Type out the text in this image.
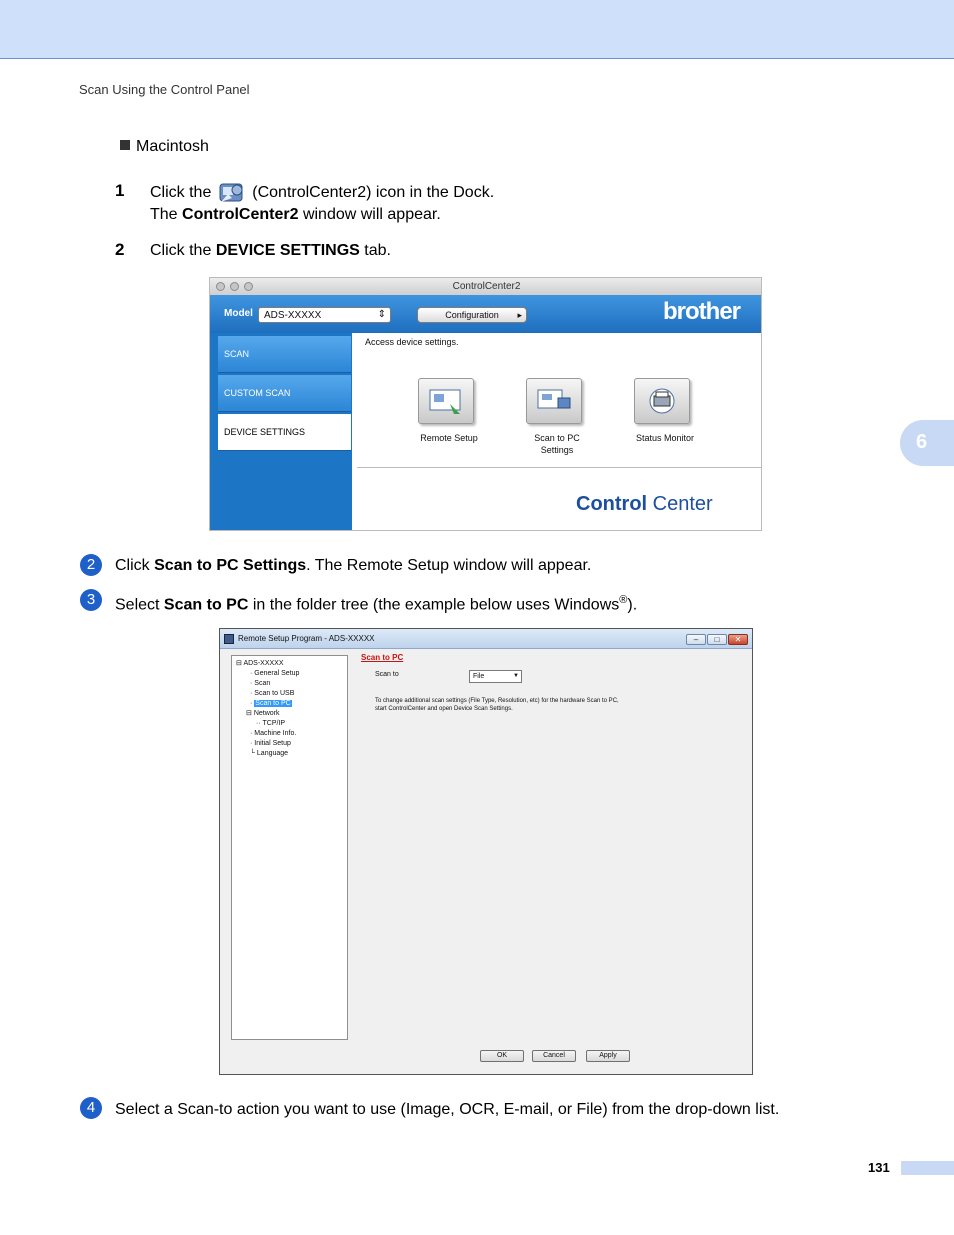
Scan Using the Control Panel
6
Macintosh
1 Click the	(ControlCenter2) icon in the Dock.
The ControlCenter2 window will appear.
2 Click the DEVICE SETTINGS tab.
ControlCenter2
Model	ADS-XXXXX	⇕	Configuration ▸	brother
SCAN
CUSTOM SCAN
DEVICE SETTINGS
Access device settings.
Remote Setup	Scan to PC
Settings
Status Monitor
Control Center
2	Click Scan to PC Settings. The Remote Setup window will appear.
3	Select Scan to PC in the folder tree (the example below uses Windows®).
Remote Setup Program - ADS-XXXXX	–	□	✕
⊟ ADS-XXXXX
· General Setup
· Scan
· Scan to USB
· Scan to PC
⊟ Network
·· TCP/IP
· Machine Info.
· Initial Setup
└ Language
Scan to PC
Scan to	File	▼
To change additional scan settings (File Type, Resolution, etc) for the hardware Scan to PC, start ControlCenter and open Device Scan Settings.
OK	Cancel	Apply
4	Select a Scan-to action you want to use (Image, OCR, E-mail, or File) from the drop-down list.
131
